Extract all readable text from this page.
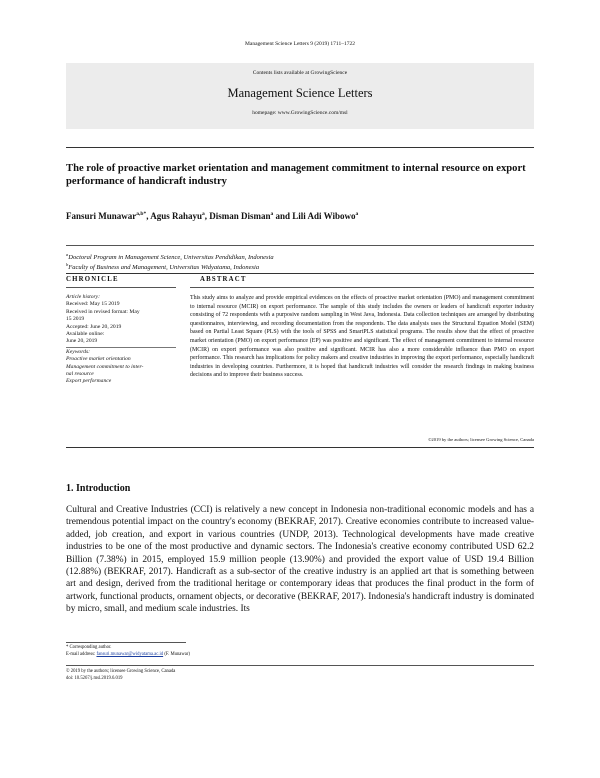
Management Science Letters 9 (2019) 1711–1722
Contents lists available at GrowingScience
Management Science Letters
homepage: www.GrowingScience.com/msl
The role of proactive market orientation and management commitment to internal resource on export performance of handicraft industry
Fansuri Munawar$^{a,b*}$, Agus Rahayu$^a$, Disman Disman$^a$ and Lili Adi Wibowo$^a$
$^a$Doctoral Program in Management Science, Universitas Pendidikan, Indonesia
$^b$Faculty of Business and Management, Universitas Widyatama, Indonesia
CHRONICLE	ABSTRACT
Article history:
Received: May 15 2019
Received in revised format: May
15 2019
Accepted: June 20, 2019
Available online:
June 20, 2019
Keywords:
Proactive market orientation
Management commitment to inter-
nal resource
Export performance
This study aims to analyze and provide empirical evidences on the effects of proactive market orientation (PMO) and management commitment to internal resource (MCIR) on export performance. The sample of this study includes the owners or leaders of handicraft exporter industry consisting of 72 respondents with a purposive random sampling in West Java, Indonesia. Data collection techniques are arranged by distributing questionnaires, interviewing, and recording documentation from the respondents. The data analysis uses the Structural Equation Model (SEM) based on Partial Least Square (PLS) with the tools of SPSS and SmartPLS statistical programs. The results show that the effect of proactive market orientation (PMO) on export performance (EP) was positive and significant. The effect of management commitment to internal resource (MCIR) on export performance was also positive and significant. MCIR has also a more considerable influence than PMO on export performance. This research has implications for policy makers and creative industries in improving the export performance, especially handicraft industries in developing countries. Furthermore, it is hoped that handicraft industries will consider the research findings in making business decisions and to improve their business success.
©2019 by the authors; licensee Growing Science, Canada
1. Introduction
Cultural and Creative Industries (CCI) is relatively a new concept in Indonesia non-traditional economic models and has a tremendous potential impact on the country's economy (BEKRAF, 2017). Creative economies contribute to increased value-added, job creation, and export in various countries (UNDP, 2013). Technological developments have made creative industries to be one of the most productive and dynamic sectors. The Indonesia's creative economy contributed USD 62.2 Billion (7.38%) in 2015, employed 15.9 million people (13.90%) and provided the export value of USD 19.4 Billion (12.88%) (BEKRAF, 2017). Handicraft as a sub-sector of the creative industry is an applied art that is something between art and design, derived from the traditional heritage or contemporary ideas that produces the final product in the form of artwork, functional products, ornament objects, or decorative (BEKRAF, 2017). Indonesia's handicraft industry is dominated by micro, small, and medium scale industries. Its
* Corresponding author.
E-mail address: fansuri.munawar@widyatama.ac.id (F. Munawar)
© 2019 by the authors; licensee Growing Science, Canada
doi: 10.5267/j.msl.2019.6.019
